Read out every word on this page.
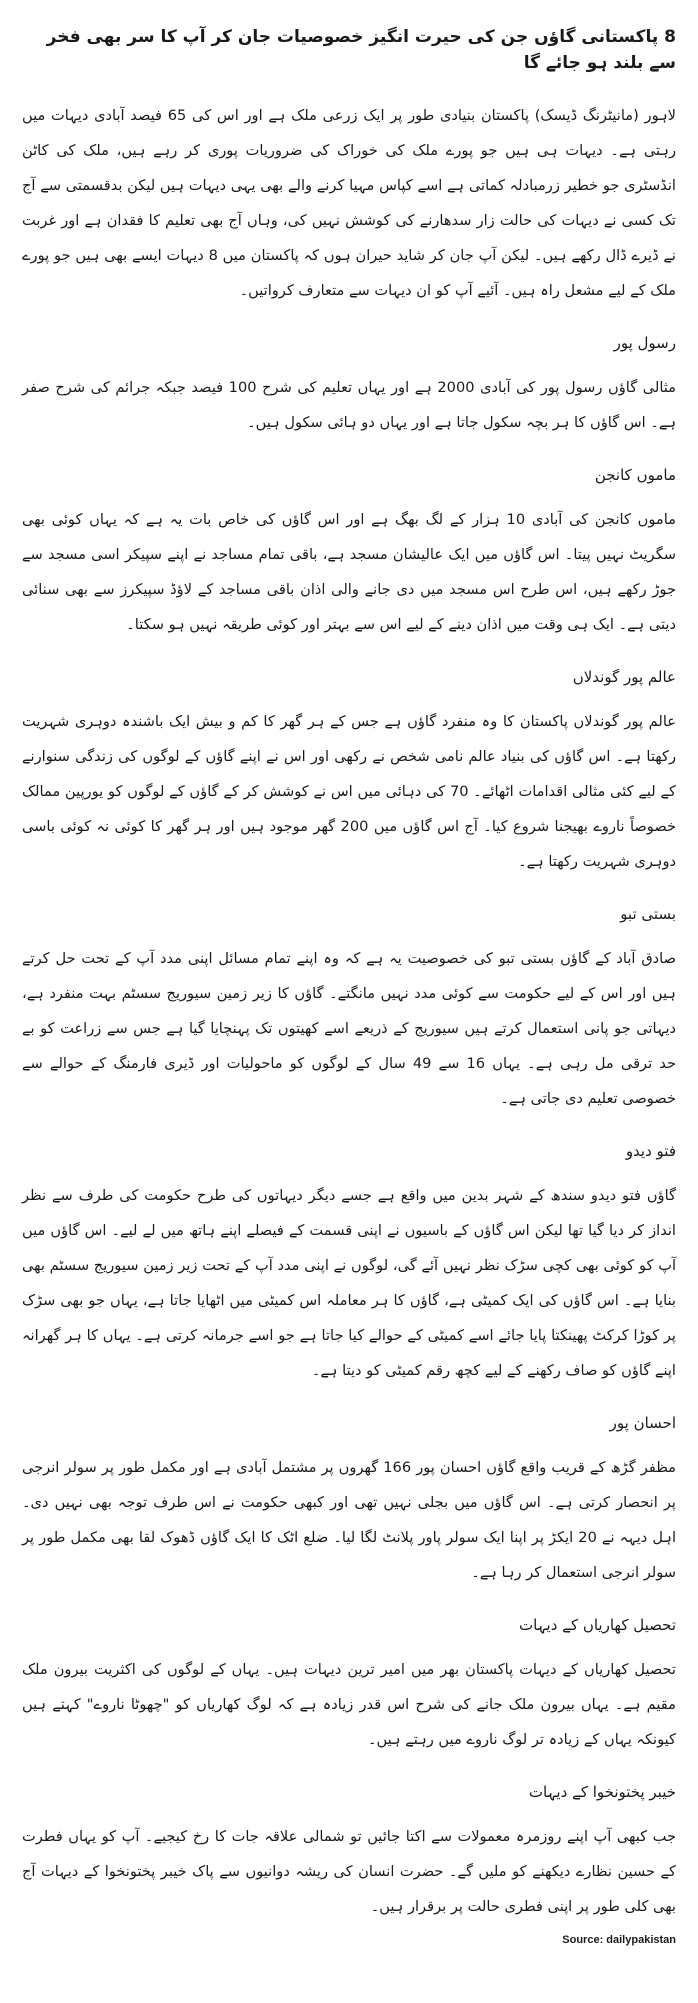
8 پاکستانی گاؤں جن کی حیرت انگیز خصوصیات جان کر آپ کا سر بھی فخر سے بلند ہو جائے گا

لاہور (مانیٹرنگ ڈیسک) پاکستان بنیادی طور پر ایک زرعی ملک ہے اور اس کی 65 فیصد آبادی دیہات میں رہتی ہے۔ دیہات ہی ہیں جو پورے ملک کی خوراک کی ضروریات پوری کر رہے ہیں، ملک کی کاٹن انڈسٹری جو خطیر زرمبادلہ کماتی ہے اسے کپاس مہیا کرنے والے بھی یہی دیہات ہیں لیکن بدقسمتی سے آج تک کسی نے دیہات کی حالت زار سدھارنے کی کوشش نہیں کی، وہاں آج بھی تعلیم کا فقدان ہے اور غربت نے ڈیرے ڈال رکھے ہیں۔ لیکن آپ جان کر شاید حیران ہوں کہ پاکستان میں 8 دیہات ایسے بھی ہیں جو پورے ملک کے لیے مشعل راہ ہیں۔ آئیے آپ کو ان دیہات سے متعارف کرواتیں۔

رسول پور

مثالی گاؤں رسول پور کی آبادی 2000 ہے اور یہاں تعلیم کی شرح 100 فیصد جبکہ جرائم کی شرح صفر ہے۔ اس گاؤں کا ہر بچہ سکول جاتا ہے اور یہاں دو ہائی سکول ہیں۔

ماموں کانجن

ماموں کانجن کی آبادی 10 ہزار کے لگ بھگ ہے اور اس گاؤں کی خاص بات یہ ہے کہ یہاں کوئی بھی سگریٹ نہیں پیتا۔ اس گاؤں میں ایک عالیشان مسجد ہے، باقی تمام مساجد نے اپنے سپیکر اسی مسجد سے جوڑ رکھے ہیں، اس طرح اس مسجد میں دی جانے والی اذان باقی مساجد کے لاؤڈ سپیکرز سے بھی سنائی دیتی ہے۔ ایک ہی وقت میں اذان دینے کے لیے اس سے بہتر اور کوئی طریقہ نہیں ہو سکتا۔

عالم پور گوندلاں

عالم پور گوندلاں پاکستان کا وہ منفرد گاؤں ہے جس کے ہر گھر کا کم و بیش ایک باشندہ دوہری شہریت رکھتا ہے۔ اس گاؤں کی بنیاد عالم نامی شخص نے رکھی اور اس نے اپنے گاؤں کے لوگوں کی زندگی سنوارنے کے لیے کئی مثالی اقدامات اٹھائے۔ 70 کی دہائی میں اس نے کوشش کر کے گاؤں کے لوگوں کو یورپین ممالک خصوصاً ناروے بھیجنا شروع کیا۔ آج اس گاؤں میں 200 گھر موجود ہیں اور ہر گھر کا کوئی نہ کوئی باسی دوہری شہریت رکھتا ہے۔

بستی تبو

صادق آباد کے گاؤں بستی تبو کی خصوصیت یہ ہے کہ وہ اپنے تمام مسائل اپنی مدد آپ کے تحت حل کرتے ہیں اور اس کے لیے حکومت سے کوئی مدد نہیں مانگتے۔ گاؤں کا زیر زمین سیوریج سسٹم بہت منفرد ہے، دیہاتی جو پانی استعمال کرتے ہیں سیوریج کے ذریعے اسے کھیتوں تک پہنچایا گیا ہے جس سے زراعت کو بے حد ترقی مل رہی ہے۔ یہاں 16 سے 49 سال کے لوگوں کو ماحولیات اور ڈیری فارمنگ کے حوالے سے خصوصی تعلیم دی جاتی ہے۔

فتو دیدو

گاؤں فتو دیدو سندھ کے شہر بدین میں واقع ہے جسے دیگر دیہاتوں کی طرح حکومت کی طرف سے نظر انداز کر دیا گیا تھا لیکن اس گاؤں کے باسیوں نے اپنی قسمت کے فیصلے اپنے ہاتھ میں لے لیے۔ اس گاؤں میں آپ کو کوئی بھی کچی سڑک نظر نہیں آئے گی، لوگوں نے اپنی مدد آپ کے تحت زیر زمین سیوریج سسٹم بھی بنایا ہے۔ اس گاؤں کی ایک کمیٹی ہے، گاؤں کا ہر معاملہ اس کمیٹی میں اٹھایا جاتا ہے، یہاں جو بھی سڑک پر کوڑا کرکٹ پھینکتا پایا جائے اسے کمیٹی کے حوالے کیا جاتا ہے جو اسے جرمانہ کرتی ہے۔ یہاں کا ہر گھرانہ اپنے گاؤں کو صاف رکھنے کے لیے کچھ رقم کمیٹی کو دیتا ہے۔

احسان پور

مظفر گڑھ کے قریب واقع گاؤں احسان پور 166 گھروں پر مشتمل آبادی ہے اور مکمل طور پر سولر انرجی پر انحصار کرتی ہے۔ اس گاؤں میں بجلی نہیں تھی اور کبھی حکومت نے اس طرف توجہ بھی نہیں دی۔ اہل دیہہ نے 20 ایکڑ پر اپنا ایک سولر پاور پلانٹ لگا لیا۔ ضلع اٹک کا ایک گاؤں ڈھوک لقا بھی مکمل طور پر سولر انرجی استعمال کر رہا ہے۔

تحصیل کھاریاں کے دیہات

تحصیل کھاریاں کے دیہات پاکستان بھر میں امیر ترین دیہات ہیں۔ یہاں کے لوگوں کی اکثریت بیرون ملک مقیم ہے۔ یہاں بیرون ملک جانے کی شرح اس قدر زیادہ ہے کہ لوگ کھاریاں کو "چھوٹا ناروے" کہتے ہیں کیونکہ یہاں کے زیادہ تر لوگ ناروے میں رہتے ہیں۔

خیبر پختونخوا کے دیہات

جب کبھی آپ اپنے روزمرہ معمولات سے اکتا جائیں تو شمالی علاقہ جات کا رخ کیجیے۔ آپ کو یہاں فطرت کے حسین نظارے دیکھنے کو ملیں گے۔ حضرت انسان کی ریشہ دوانیوں سے پاک خیبر پختونخوا کے دیہات آج بھی کلی طور پر اپنی فطری حالت پر برقرار ہیں۔

Source: dailypakistan
